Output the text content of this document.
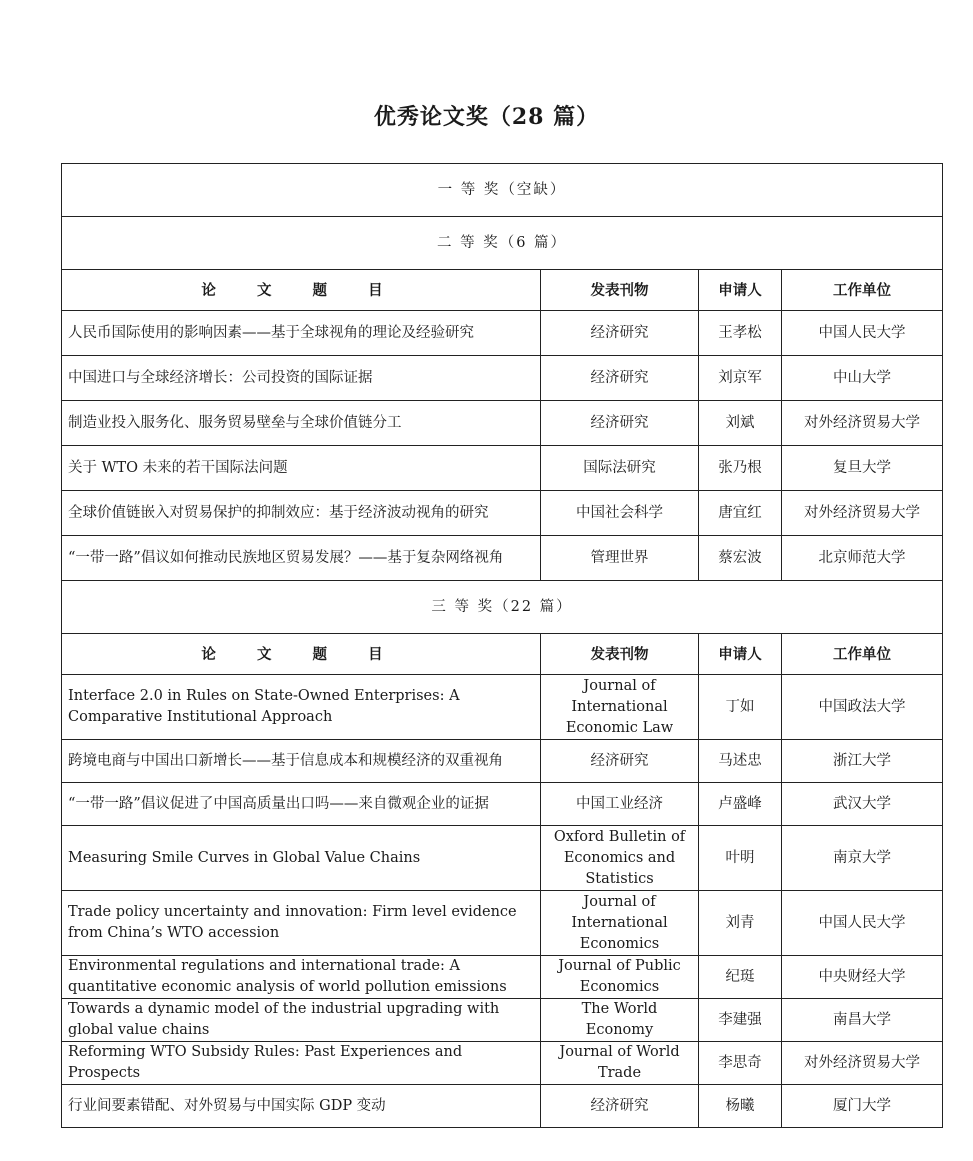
优秀论文奖（28 篇）
一 等 奖（空缺）			
二 等 奖（6 篇）			
论 文 题 目	发表刊物	申请人	工作单位
人民币国际使用的影响因素——基于全球视角的理论及经验研究	经济研究	王孝松	中国人民大学
中国进口与全球经济增长：公司投资的国际证据	经济研究	刘京军	中山大学
制造业投入服务化、服务贸易壁垒与全球价值链分工	经济研究	刘斌	对外经济贸易大学
关于 WTO 未来的若干国际法问题	国际法研究	张乃根	复旦大学
全球价值链嵌入对贸易保护的抑制效应：基于经济波动视角的研究	中国社会科学	唐宜红	对外经济贸易大学
“一带一路”倡议如何推动民族地区贸易发展？——基于复杂网络视角	管理世界	蔡宏波	北京师范大学
三 等 奖（22 篇）			
论 文 题 目	发表刊物	申请人	工作单位
Interface 2.0 in Rules on State-Owned Enterprises: A Comparative Institutional Approach	Journal of International Economic Law	丁如	中国政法大学
跨境电商与中国出口新增长——基于信息成本和规模经济的双重视角	经济研究	马述忠	浙江大学
“一带一路”倡议促进了中国高质量出口吗——来自微观企业的证据	中国工业经济	卢盛峰	武汉大学
Measuring Smile Curves in Global Value Chains	Oxford Bulletin of Economics and Statistics	叶明	南京大学
Trade policy uncertainty and innovation: Firm level evidence from China’s WTO accession	Journal of International Economics	刘青	中国人民大学
Environmental regulations and international trade: A quantitative economic analysis of world pollution emissions	Journal of Public Economics	纪珽	中央财经大学
Towards a dynamic model of the industrial upgrading with global value chains	The World Economy	李建强	南昌大学
Reforming WTO Subsidy Rules: Past Experiences and Prospects	Journal of World Trade	李思奇	对外经济贸易大学
行业间要素错配、对外贸易与中国实际 GDP 变动	经济研究	杨曦	厦门大学
